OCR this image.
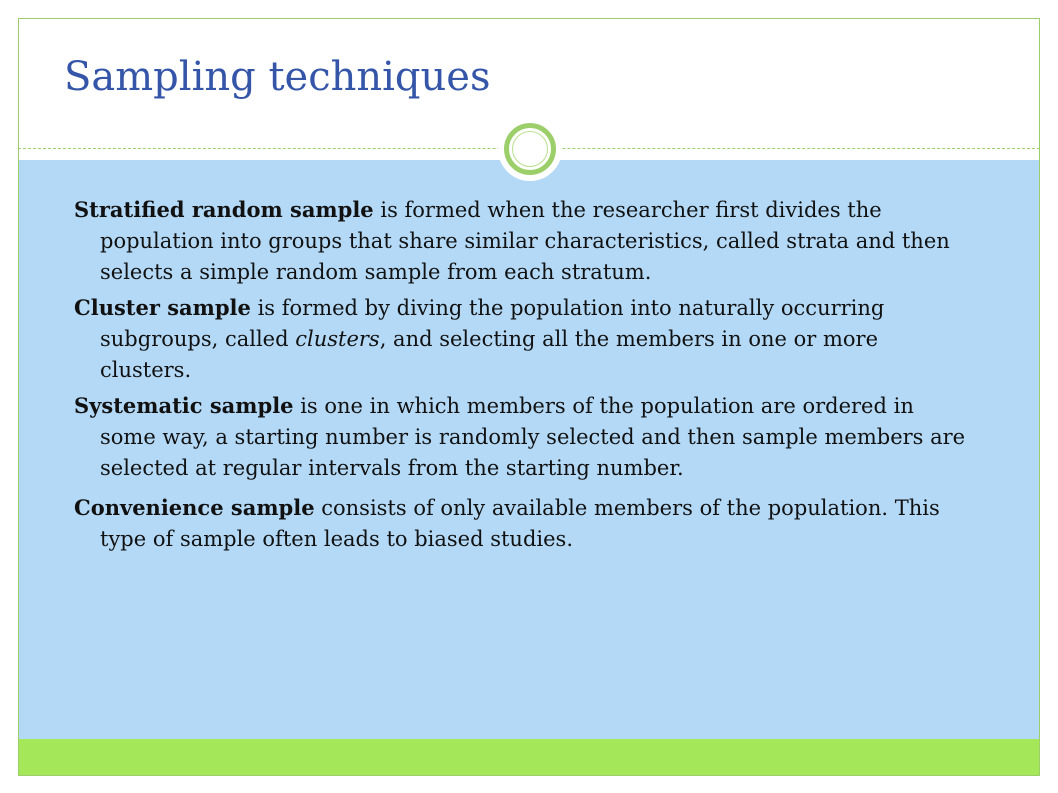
Sampling techniques

Stratified random sample is formed when the researcher first divides the population into groups that share similar characteristics, called strata and then selects a simple random sample from each stratum.

Cluster sample is formed by diving the population into naturally occurring subgroups, called clusters, and selecting all the members in one or more clusters.

Systematic sample is one in which members of the population are ordered in some way, a starting number is randomly selected and then sample members are selected at regular intervals from the starting number.

Convenience sample consists of only available members of the population. This type of sample often leads to biased studies.
